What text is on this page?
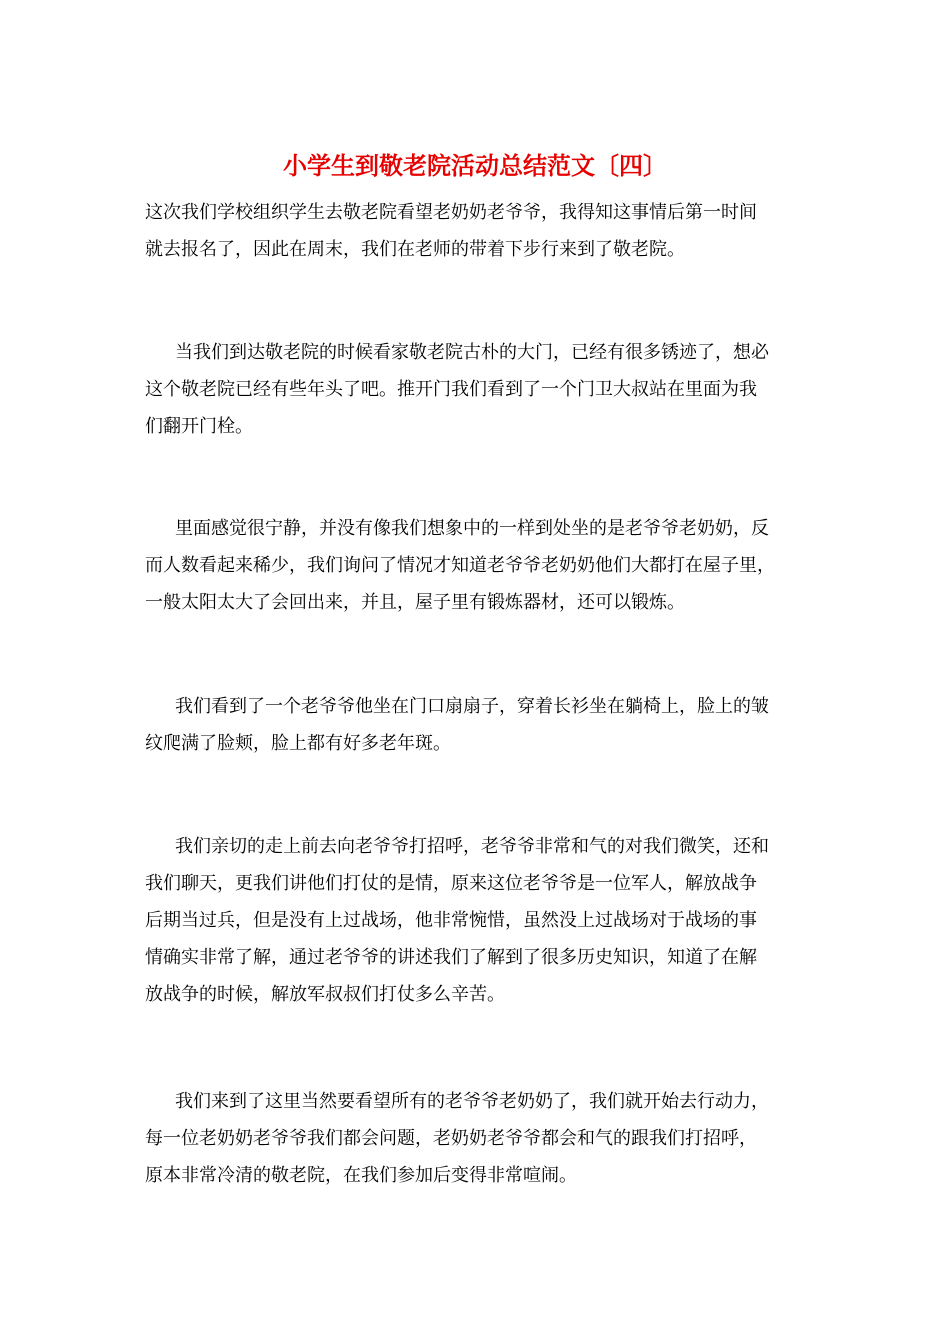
小学生到敬老院活动总结范文〔四〕
这次我们学校组织学生去敬老院看望老奶奶老爷爷，我得知这事情后第一时间
就去报名了，因此在周末，我们在老师的带着下步行来到了敬老院。
当我们到达敬老院的时候看家敬老院古朴的大门，已经有很多锈迹了，想必
这个敬老院已经有些年头了吧。推开门我们看到了一个门卫大叔站在里面为我
们翻开门栓。
里面感觉很宁静，并没有像我们想象中的一样到处坐的是老爷爷老奶奶，反
而人数看起来稀少，我们询问了情况才知道老爷爷老奶奶他们大都打在屋子里，
一般太阳太大了会回出来，并且，屋子里有锻炼器材，还可以锻炼。
我们看到了一个老爷爷他坐在门口扇扇子，穿着长衫坐在躺椅上，脸上的皱
纹爬满了脸颊，脸上都有好多老年斑。
我们亲切的走上前去向老爷爷打招呼，老爷爷非常和气的对我们微笑，还和
我们聊天，更我们讲他们打仗的是情，原来这位老爷爷是一位军人，解放战争
后期当过兵，但是没有上过战场，他非常惋惜，虽然没上过战场对于战场的事
情确实非常了解，通过老爷爷的讲述我们了解到了很多历史知识，知道了在解
放战争的时候，解放军叔叔们打仗多么辛苦。
我们来到了这里当然要看望所有的老爷爷老奶奶了，我们就开始去行动力，
每一位老奶奶老爷爷我们都会问题，老奶奶老爷爷都会和气的跟我们打招呼，
原本非常冷清的敬老院，在我们参加后变得非常喧闹。
